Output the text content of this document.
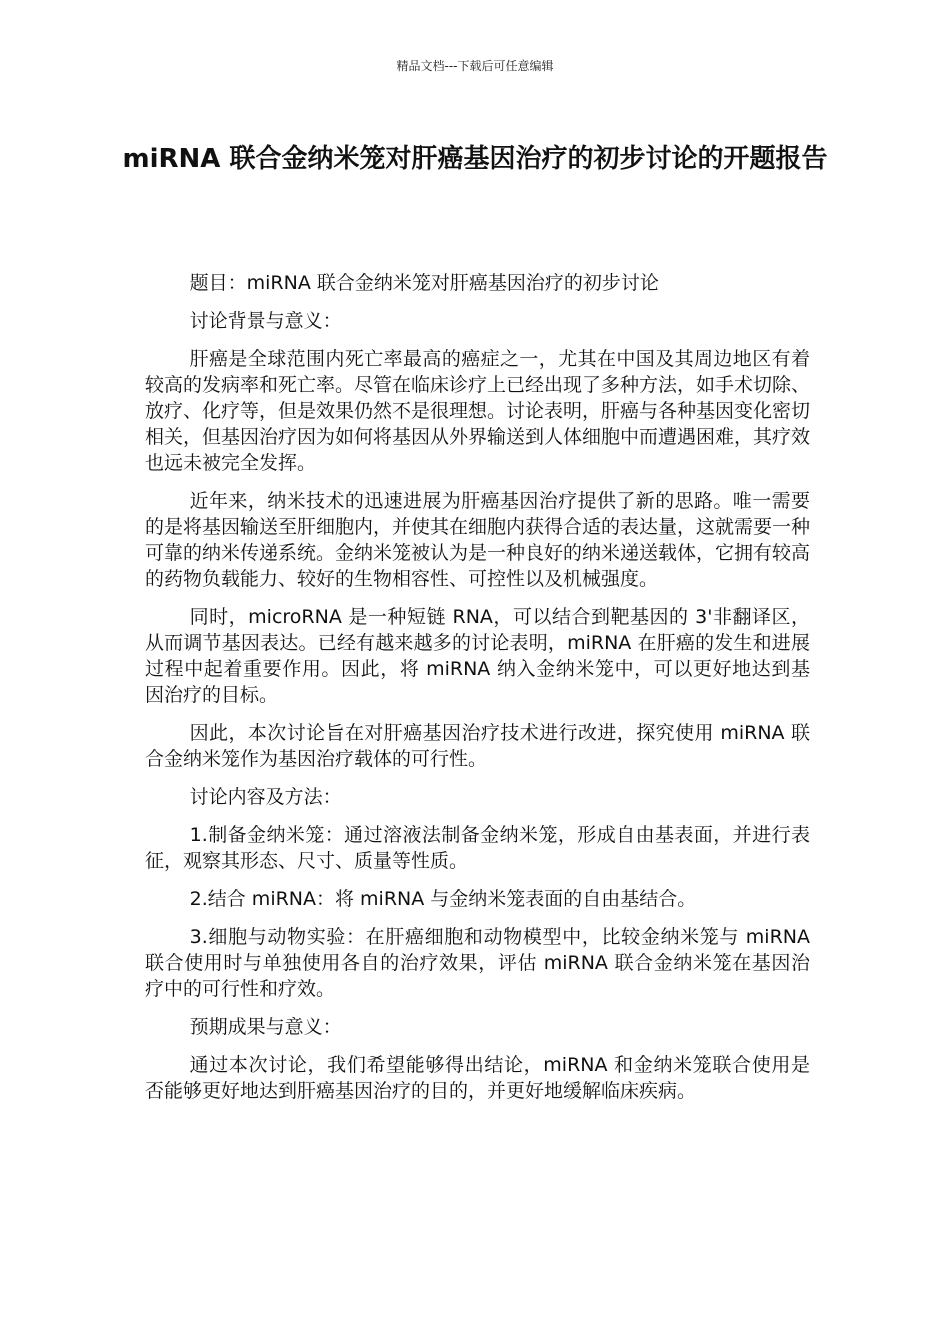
精品文档---下载后可任意编辑
miRNA 联合金纳米笼对肝癌基因治疗的初步讨论的开题报告

题目：miRNA 联合金纳米笼对肝癌基因治疗的初步讨论

讨论背景与意义：

肝癌是全球范围内死亡率最高的癌症之一，尤其在中国及其周边地区有着较高的发病率和死亡率。尽管在临床诊疗上已经出现了多种方法，如手术切除、放疗、化疗等，但是效果仍然不是很理想。讨论表明，肝癌与各种基因变化密切相关，但基因治疗因为如何将基因从外界输送到人体细胞中而遭遇困难，其疗效也远未被完全发挥。

近年来，纳米技术的迅速进展为肝癌基因治疗提供了新的思路。唯一需要的是将基因输送至肝细胞内，并使其在细胞内获得合适的表达量，这就需要一种可靠的纳米传递系统。金纳米笼被认为是一种良好的纳米递送载体，它拥有较高的药物负载能力、较好的生物相容性、可控性以及机械强度。

同时，microRNA 是一种短链 RNA，可以结合到靶基因的 3'非翻译区，从而调节基因表达。已经有越来越多的讨论表明，miRNA 在肝癌的发生和进展过程中起着重要作用。因此，将 miRNA 纳入金纳米笼中，可以更好地达到基因治疗的目标。

因此，本次讨论旨在对肝癌基因治疗技术进行改进，探究使用 miRNA 联合金纳米笼作为基因治疗载体的可行性。

讨论内容及方法：

1.制备金纳米笼：通过溶液法制备金纳米笼，形成自由基表面，并进行表征，观察其形态、尺寸、质量等性质。

2.结合 miRNA：将 miRNA 与金纳米笼表面的自由基结合。

3.细胞与动物实验：在肝癌细胞和动物模型中，比较金纳米笼与 miRNA 联合使用时与单独使用各自的治疗效果，评估 miRNA 联合金纳米笼在基因治疗中的可行性和疗效。

预期成果与意义：

通过本次讨论，我们希望能够得出结论，miRNA 和金纳米笼联合使用是否能够更好地达到肝癌基因治疗的目的，并更好地缓解临床疾病。
